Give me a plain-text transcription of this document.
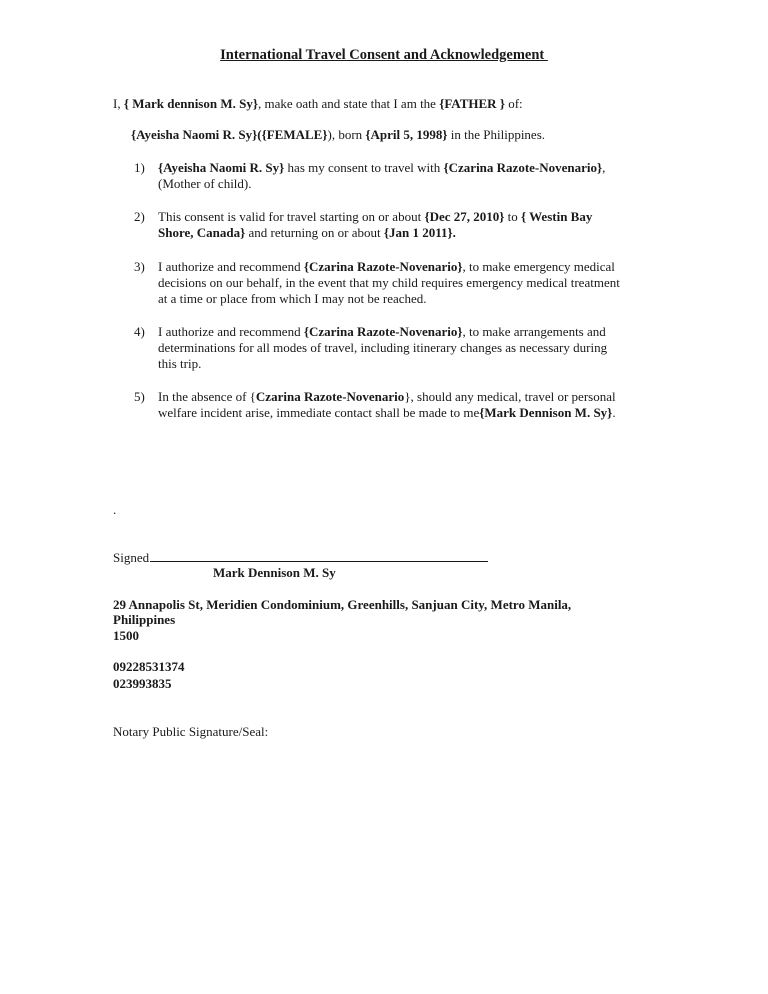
International Travel Consent and Acknowledgement
I, { Mark dennison M. Sy}, make oath and state that I am the {FATHER } of:
{Ayeisha Naomi R. Sy}({FEMALE}), born {April 5, 1998} in the Philippines.
1) {Ayeisha Naomi R. Sy} has my consent to travel with {Czarina Razote-Novenario},
(Mother of child).
2) This consent is valid for travel starting on or about {Dec 27, 2010} to { Westin Bay
Shore, Canada} and returning on or about {Jan 1 2011}.
3) I authorize and recommend {Czarina Razote-Novenario}, to make emergency medical
decisions on our behalf, in the event that my child requires emergency medical treatment
at a time or place from which I may not be reached.
4) I authorize and recommend {Czarina Razote-Novenario}, to make arrangements and
determinations for all modes of travel, including itinerary changes as necessary during
this trip.
5) In the absence of {Czarina Razote-Novenario}, should any medical, travel or personal
welfare incident arise, immediate contact shall be made to me{Mark Dennison M. Sy}.
.
Signed
Mark Dennison M. Sy
29 Annapolis St, Meridien Condominium, Greenhills, Sanjuan City, Metro Manila,
Philippines
1500
09228531374
023993835
Notary Public Signature/Seal:
